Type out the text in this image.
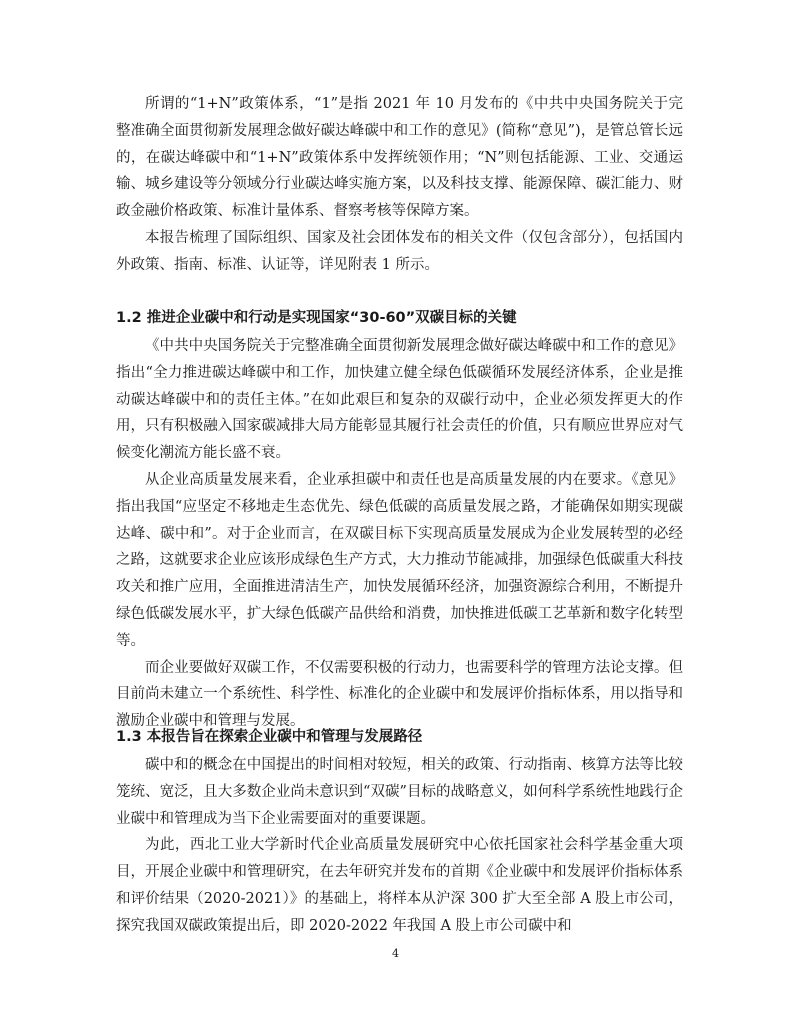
所谓的“1+N”政策体系，“1”是指 2021 年 10 月发布的《中共中央国务院关于完整准确全面贯彻新发展理念做好碳达峰碳中和工作的意见》(简称“意见”)，是管总管长远的，在碳达峰碳中和“1+N”政策体系中发挥统领作用；“N”则包括能源、工业、交通运输、城乡建设等分领域分行业碳达峰实施方案，以及科技支撑、能源保障、碳汇能力、财政金融价格政策、标准计量体系、督察考核等保障方案。

本报告梳理了国际组织、国家及社会团体发布的相关文件（仅包含部分），包括国内外政策、指南、标准、认证等，详见附表 1 所示。

1.2 推进企业碳中和行动是实现国家“30-60”双碳目标的关键

《中共中央国务院关于完整准确全面贯彻新发展理念做好碳达峰碳中和工作的意见》指出“全力推进碳达峰碳中和工作，加快建立健全绿色低碳循环发展经济体系，企业是推动碳达峰碳中和的责任主体。”在如此艰巨和复杂的双碳行动中，企业必须发挥更大的作用，只有积极融入国家碳减排大局方能彰显其履行社会责任的价值，只有顺应世界应对气候变化潮流方能长盛不衰。

从企业高质量发展来看，企业承担碳中和责任也是高质量发展的内在要求。《意见》指出我国“应坚定不移地走生态优先、绿色低碳的高质量发展之路，才能确保如期实现碳达峰、碳中和”。对于企业而言，在双碳目标下实现高质量发展成为企业发展转型的必经之路，这就要求企业应该形成绿色生产方式，大力推动节能减排，加强绿色低碳重大科技攻关和推广应用，全面推进清洁生产，加快发展循环经济，加强资源综合利用，不断提升绿色低碳发展水平，扩大绿色低碳产品供给和消费，加快推进低碳工艺革新和数字化转型等。

而企业要做好双碳工作，不仅需要积极的行动力，也需要科学的管理方法论支撑。但目前尚未建立一个系统性、科学性、标准化的企业碳中和发展评价指标体系，用以指导和激励企业碳中和管理与发展。

1.3 本报告旨在探索企业碳中和管理与发展路径

碳中和的概念在中国提出的时间相对较短，相关的政策、行动指南、核算方法等比较笼统、宽泛，且大多数企业尚未意识到“双碳”目标的战略意义，如何科学系统性地践行企业碳中和管理成为当下企业需要面对的重要课题。

为此，西北工业大学新时代企业高质量发展研究中心依托国家社会科学基金重大项目，开展企业碳中和管理研究，在去年研究并发布的首期《企业碳中和发展评价指标体系和评价结果（2020-2021）》的基础上，将样本从沪深 300 扩大至全部 A 股上市公司，探究我国双碳政策提出后，即 2020-2022 年我国 A 股上市公司碳中和

4
